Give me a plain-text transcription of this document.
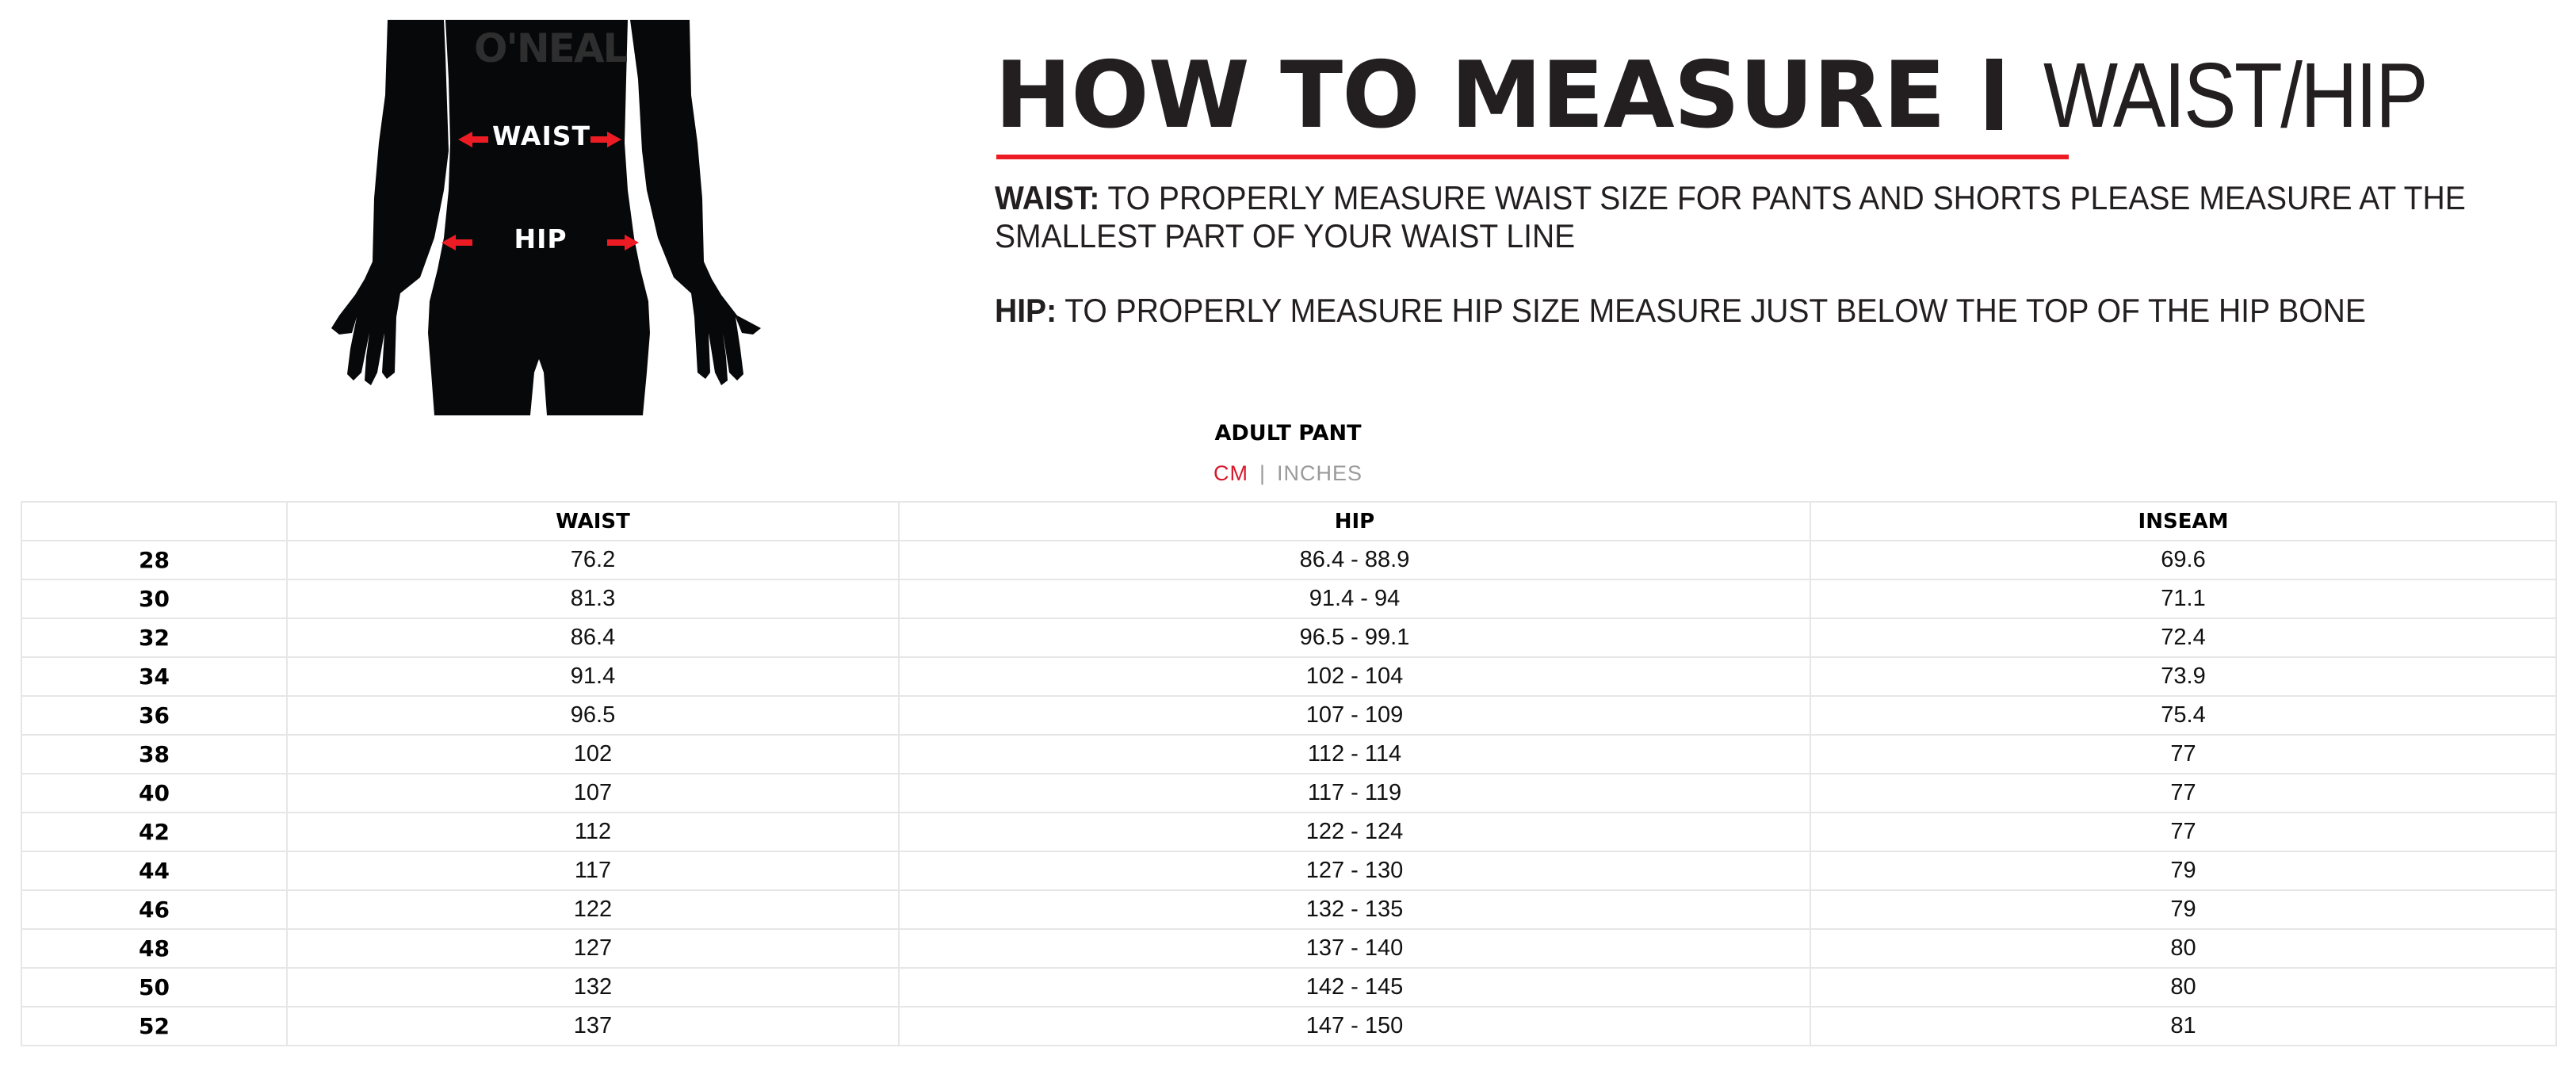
O'NEAL
WAIST
HIP
HOW TO MEASURE WAIST/HIP
WAIST: TO PROPERLY MEASURE WAIST SIZE FOR PANTS AND SHORTS PLEASE MEASURE AT THE
SMALLEST PART OF YOUR WAIST LINE
HIP: TO PROPERLY MEASURE HIP SIZE MEASURE JUST BELOW THE TOP OF THE HIP BONE
ADULT PANT
CM | INCHES
	WAIST	HIP	INSEAM
28	76.2	86.4 - 88.9	69.6
30	81.3	91.4 - 94	71.1
32	86.4	96.5 - 99.1	72.4
34	91.4	102 - 104	73.9
36	96.5	107 - 109	75.4
38	102	112 - 114	77
40	107	117 - 119	77
42	112	122 - 124	77
44	117	127 - 130	79
46	122	132 - 135	79
48	127	137 - 140	80
50	132	142 - 145	80
52	137	147 - 150	81
